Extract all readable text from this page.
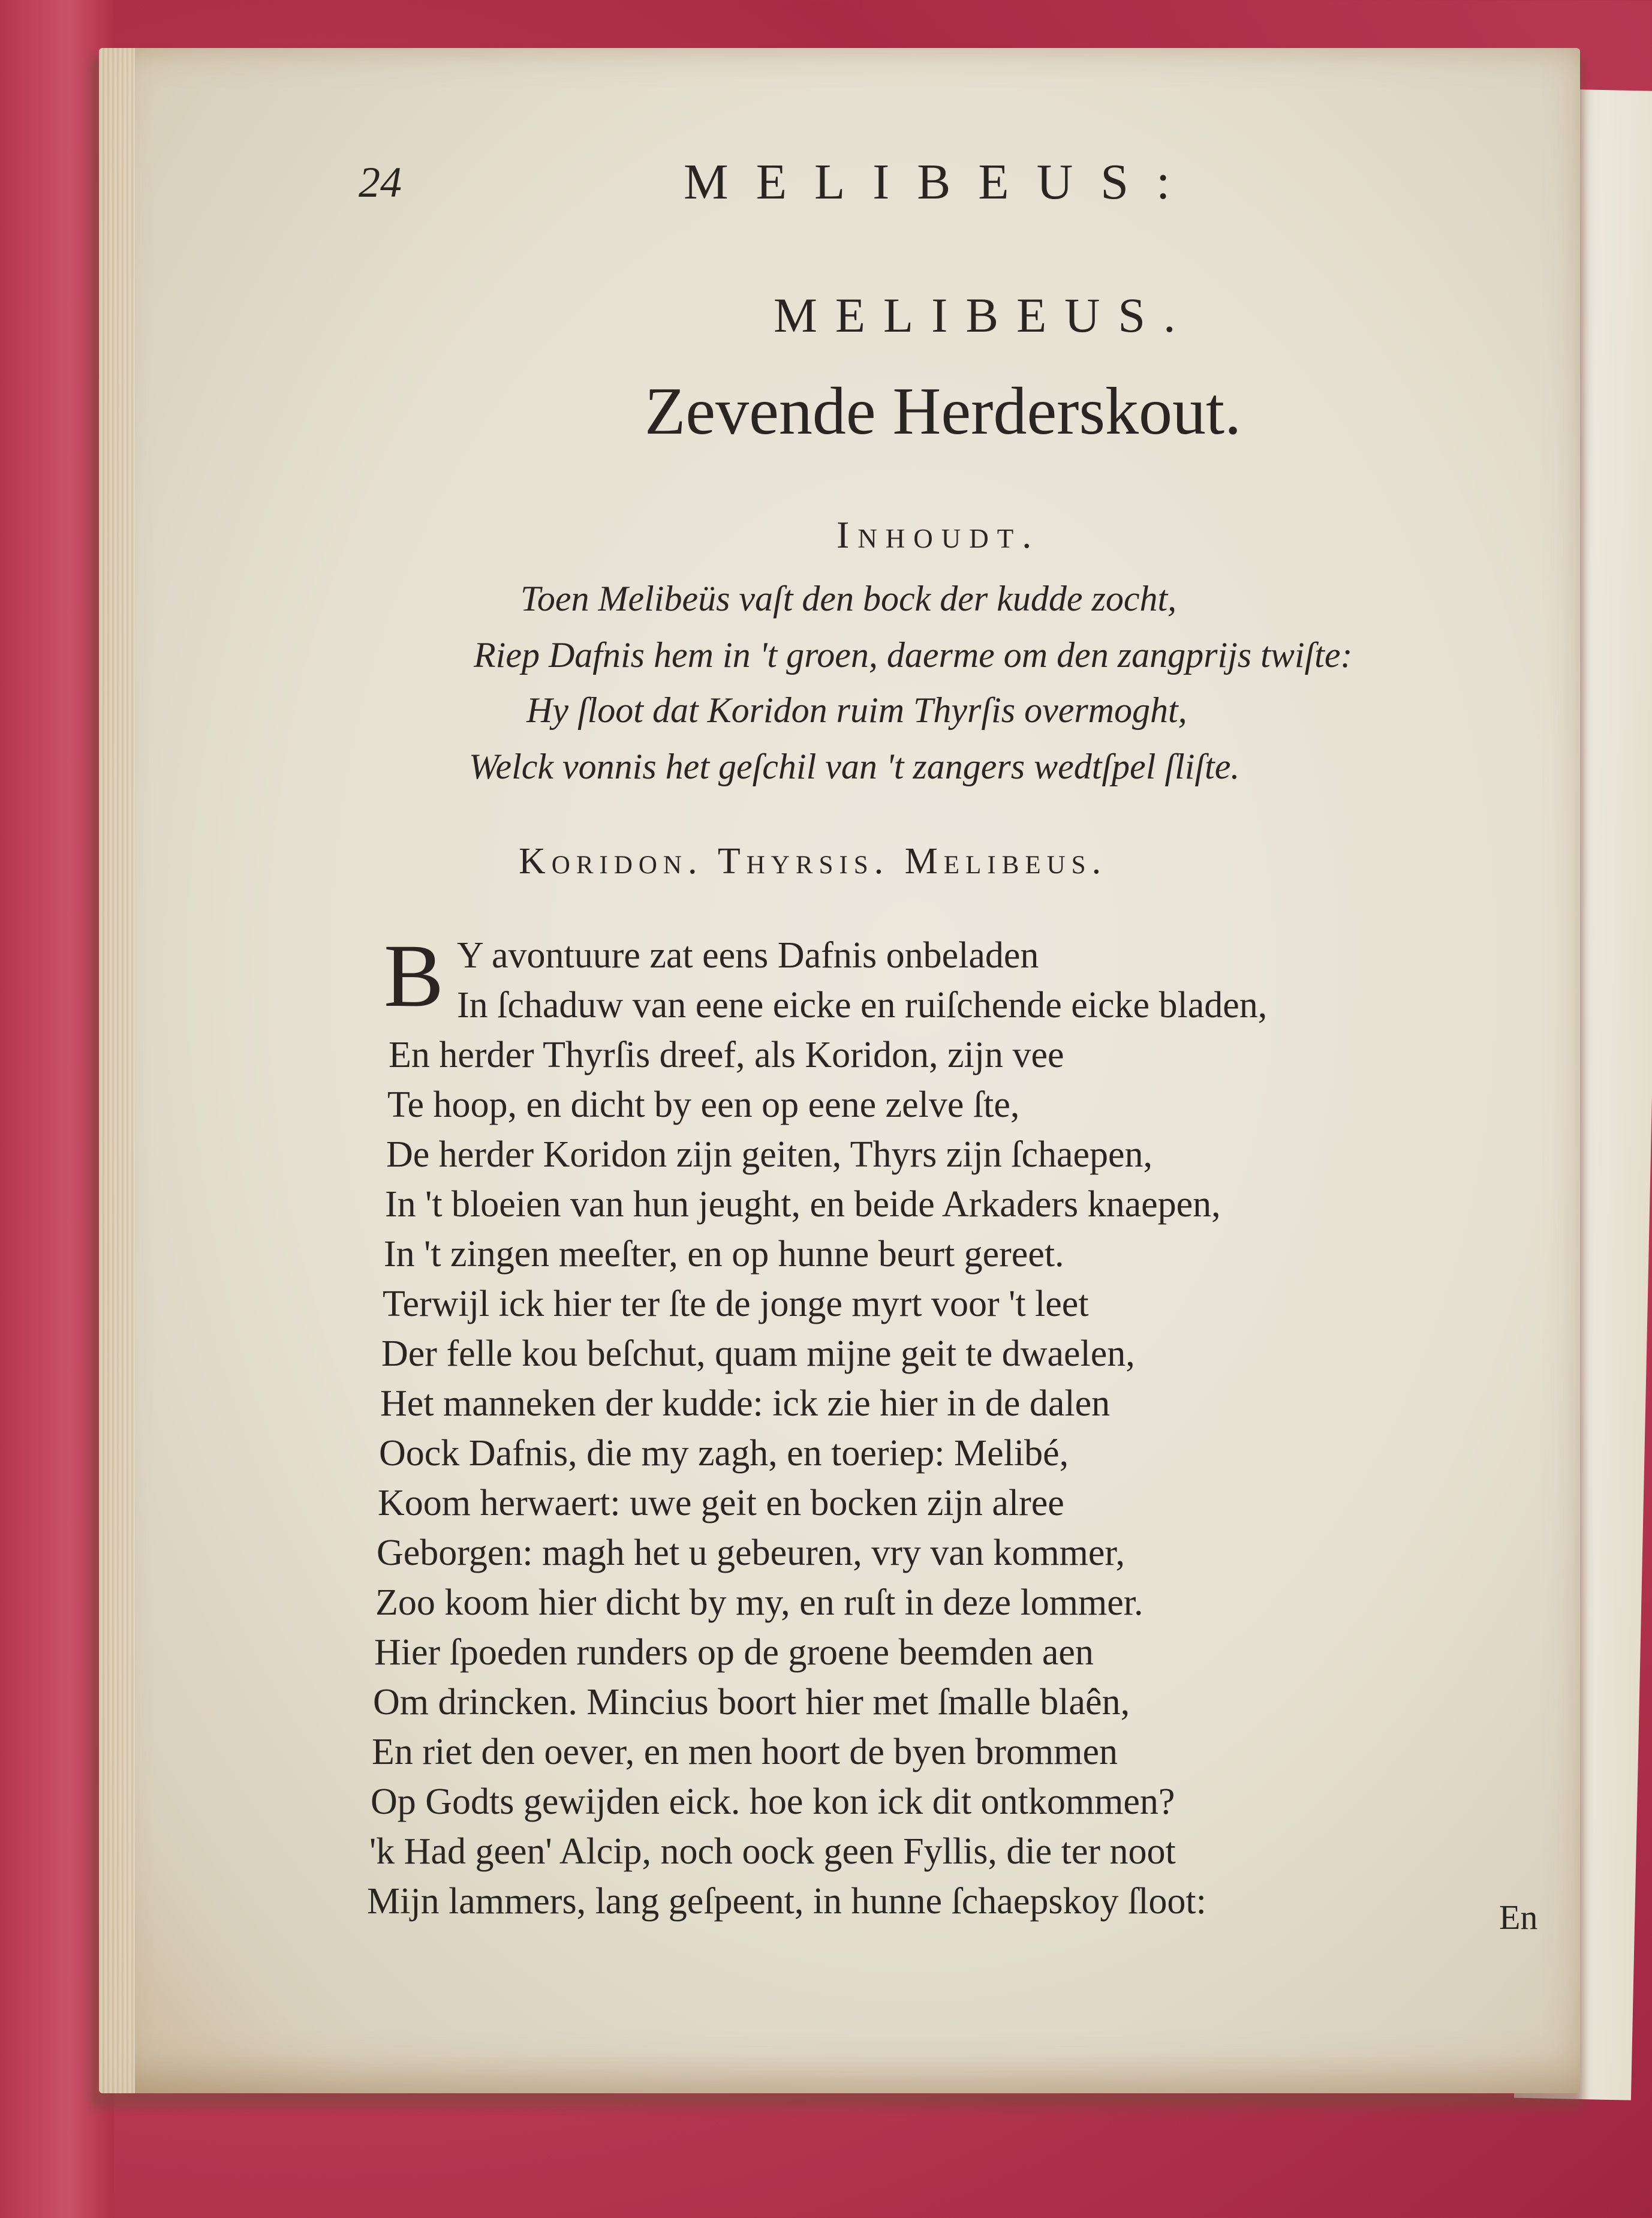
24	MELIBEUS:
MELIBEUS.
Zevende Herderskout.
Inhoudt.
Toen Melibeüs vaſt den bock der kudde zocht,
Riep Dafnis hem in 't groen, daerme om den zangprijs twiſte:
Hy ſloot dat Koridon ruim Thyrſis overmoght,
Welck vonnis het geſchil van 't zangers wedtſpel ſliſte.
Koridon. Thyrsis. Melibeus.
B Y avontuure zat eens Dafnis onbeladen
In ſchaduw van eene eicke en ruiſchende eicke bladen,
En herder Thyrſis dreef, als Koridon, zijn vee
Te hoop, en dicht by een op eene zelve ſte,
De herder Koridon zijn geiten, Thyrs zijn ſchaepen,
In 't bloeien van hun jeught, en beide Arkaders knaepen,
In 't zingen meeſter, en op hunne beurt gereet.
Terwijl ick hier ter ſte de jonge myrt voor 't leet
Der felle kou beſchut, quam mijne geit te dwaelen,
Het manneken der kudde: ick zie hier in de dalen
Oock Dafnis, die my zagh, en toeriep: Melibé,
Koom herwaert: uwe geit en bocken zijn alree
Geborgen: magh het u gebeuren, vry van kommer,
Zoo koom hier dicht by my, en ruſt in deze lommer.
Hier ſpoeden runders op de groene beemden aen
Om drincken. Mincius boort hier met ſmalle blaên,
En riet den oever, en men hoort de byen brommen
Op Godts gewijden eick. hoe kon ick dit ontkommen?
'k Had geen' Alcip, noch oock geen Fyllis, die ter noot
Mijn lammers, lang geſpeent, in hunne ſchaepskoy ſloot:	En
